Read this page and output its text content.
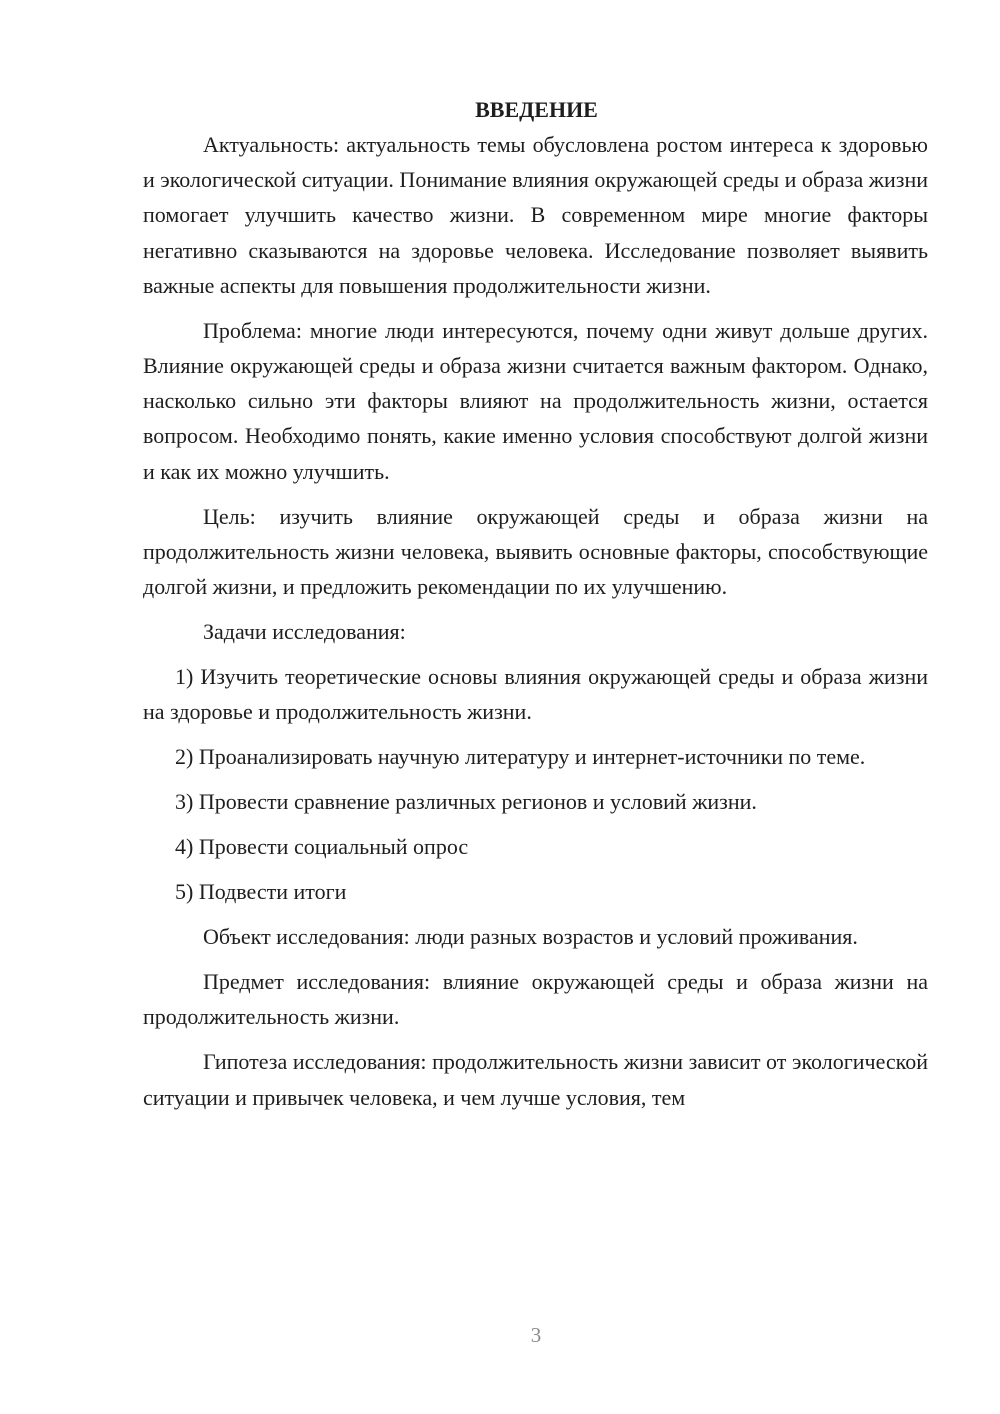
ВВЕДЕНИЕ

Актуальность: актуальность темы обусловлена ростом интереса к здоровью и экологической ситуации. Понимание влияния окружающей среды и образа жизни помогает улучшить качество жизни. В современном мире многие факторы негативно сказываются на здоровье человека. Исследование позволяет выявить важные аспекты для повышения продолжительности жизни.

Проблема: многие люди интересуются, почему одни живут дольше других. Влияние окружающей среды и образа жизни считается важным фактором. Однако, насколько сильно эти факторы влияют на продолжительность жизни, остается вопросом. Необходимо понять, какие именно условия способствуют долгой жизни и как их можно улучшить.

Цель: изучить влияние окружающей среды и образа жизни на продолжительность жизни человека, выявить основные факторы, способствующие долгой жизни, и предложить рекомендации по их улучшению.

Задачи исследования:

1) Изучить теоретические основы влияния окружающей среды и образа жизни на здоровье и продолжительность жизни.

2) Проанализировать научную литературу и интернет-источники по теме.

3) Провести сравнение различных регионов и условий жизни.

4) Провести социальный опрос

5) Подвести итоги

Объект исследования: люди разных возрастов и условий проживания.

Предмет исследования: влияние окружающей среды и образа жизни на продолжительность жизни.

Гипотеза исследования: продолжительность жизни зависит от экологической ситуации и привычек человека, и чем лучше условия, тем

3
